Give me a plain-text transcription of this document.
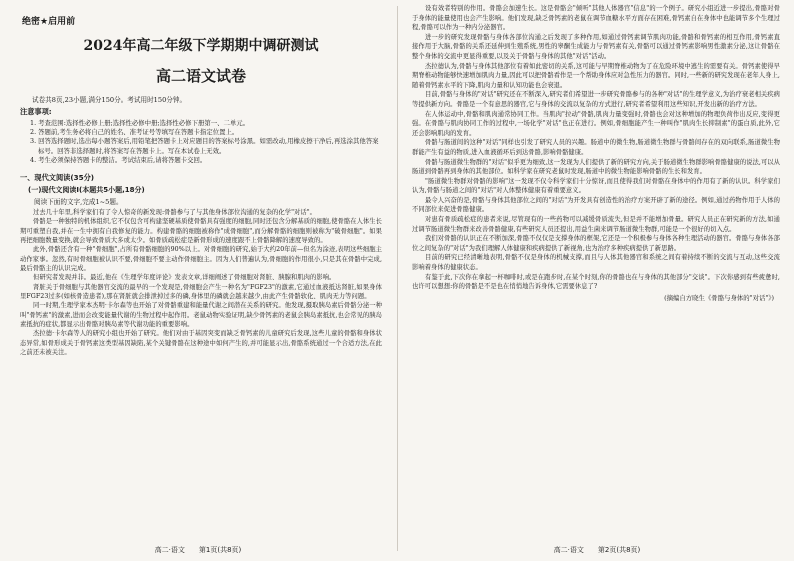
绝密★启用前
2024年高二年级下学期期中调研测试
高二语文试卷
试卷共8页,23小题,满分150分。考试用时150分钟。
注意事项:
1. 考查范围:选择性必修上册;选择性必修中册;选择性必修下册第一、二单元。
2. 答题前,考生务必将自己的姓名、准考证号等填写在答题卡指定位置上。
3. 回答选择题时,选出每小题答案后,用铅笔把答题卡上对应题目的答案标号涂黑。如需改动,用橡皮擦干净后,再选涂其他答案标号。回答非选择题时,将答案写在答题卡上。写在本试卷上无效。
4. 考生必须保持答题卡的整洁。考试结束后,请将答题卡交回。
一、现代文阅读(35分)
(一)现代文阅读Ⅰ(本题共5小题,18分)
阅读下面的文字,完成1~5题。

过去几十年里,科学家们有了令人惊奇的新发现:骨骼参与了与其他身体部位沟通的复杂的化学"对话"。

骨骼是一种独特的机体组织,它不仅包含可构建坚硬基质使骨骼具有强度的细胞,同时还包含分解基质的细胞,使骨骼在人体生长期可重塑自我,并在一生中拥有自我修复的能力。构建骨骼的细胞被称作"成骨细胞",而分解骨骼的细胞则被称为"破骨细胞"。如果再把细胞数量变换,就会导致骨质大多或太少。如骨质疏松症是新骨形成的速度跟不上骨骼降解的速度导致的。

此外,骨骼还含有一种"骨细胞",占所有骨骼细胞的90%以上。对骨细胞的研究,始于大约20年前—但名为涂迹,表明这些细胞主动作家事。忽然,有时骨细胞被认识不要,骨细胞不要主动作骨细胞主。因为人们普遍认为,骨细胞的作用很小,只是其在骨骼中完成,最后骨骼主的认识完成。

但研究者发现并非。最近,他在《生理学年度评论》发表文章,详细阐述了骨细胞对肾脏、胰腺和肌肉的影响。

肾脏关于骨细胞与其他器官交流的最早的一个发现是,骨细胞会产生一种名为"FGF23"的激素,它通过血液抵达肾脏,如果身体里FGF23过多(如核骨造患者),那在肾脏就会排泄掉过多的磷,身体里的磷就会越来越少,由此产生骨骼软化、肌肉无力等问题。

同一时期,生理学家本杰明·卡尔森等也开始了对骨骼重建和能量代谢之间潜在关系的研究。他发现,摄取胰岛素后骨骼分泌一种叫"骨钙素"的激素,进而会改变能量代谢的生物过程中起作用。老鼠动物实验证明,缺少骨钙素的老鼠会胰岛素抵抗,也会常见的胰岛素抵抗的症状,都显示出骨骼对胰岛素等代谢功能的重要影响。

杰拉德·卡尔森等人的研究小组也开始了研究。他们对由于基因突变而缺乏骨钙素的儿童研究后发现,这些儿童的骨骼和身体状态异常,如骨形成关于骨钙素这类型基因缺陷,某个关键骨骼在这种途中如何产生的,并可能显示出,骨骼系统通过一个合适方法,在此之前还未被关注。

高二·语文 第1页(共8页)

设有效者特别的作用。骨骼会加速生长。这是骨骼会"倾听"其他人体器官"信息"的一个例子。研究小组近进一步提出,骨骼对骨于身体的能量使用也会产生影响。他们发现,缺乏骨钙素的老鼠在调节血糖水平方面存在困难,骨钙素自在身体中也能调节多个生理过程,骨骼可以作为一种内分泌器官。

进一步的研究发现骨骼与身体各部位沟通之后发现了多种作用,如通过骨钙素调节肌肉功能,骨骼和骨钙素的相互作用,骨钙素直接作用于大脑,骨骼的关系还延伸到生殖系统,男性的睾酮生成能力与骨钙素有关,骨骼可以通过骨钙素影响男性激素分泌,这让骨骼在整个身体的交流中更显得重要,以及关于骨骼与身体的其他"对话"活动。

杰拉德认为,骨骼与身体其他部位有着如此密切的关系,这可能与早期脊椎动物为了在危险环境中逃生的需要有关。骨钙素使得早期脊椎动物能够快速增加肌肉力量,因此可以把骨骼看作是一个帮助身体应对急性压力的器官。同时,一些新的研究发现在老年人身上,随着骨钙素水平的下降,肌肉力量和认知功能也会衰退。

目前,骨骼与身体的"对话"研究还在不断深入,研究者们希望进一步研究骨骼参与的各种"对话"的生理学意义,为治疗衰老相关疾病等提供新方向。骨骼是一个有意思的器官,它与身体的交流以复杂的方式进行,研究者希望利用这些知识,开发出新的治疗方法。

在人体运动中,骨骼和肌肉通常协同工作。当肌肉"拉动"骨骼,肌肉力量变强时,骨骼也会对这种增加的物理负荷作出反应,变得更强。在骨骼与肌肉协同工作的过程中,一场化学"对话"也正在进行。例如,骨细胞能产生一种叫作"肌肉生长抑制素"的蛋白质,此外,它还会影响肌肉的发育。

骨骼与肠道间的这种"对话"同样也引发了研究人员的兴趣。肠道中的微生物,肠道微生物群与骨骼间存在的双向联系,肠道微生物群能产生有益的物质,进入血液循环后到达骨骼,影响骨骼健康。

骨骼与肠道微生物群的"对话"似乎更为细致,这一发现为人们提供了新的研究方向,关于肠道微生物群影响骨骼健康的说法,可以从肠道到骨骼再到身体的其他部位。如科学家在研究老鼠时发现,肠道中的微生物能影响骨骼的生长和发育。

"肠道微生物群对骨骼的影响"这一发现不仅令科学家们十分惊讶,而且使得我们对骨骼在身体中的作用有了新的认识。科学家们认为,骨骼与肠道之间的"对话"对人体整体健康有着重要意义。

最令人兴奋的是,骨骼与身体其他部位之间的"对话"为开发具有创造性的治疗方案开辟了新的途径。例如,通过药物作用于人体的不同部位来促进骨骼健康。

对患有骨质疏松症的患者来说,尽管现有的一些药物可以减缓骨质流失,但是并不能增加骨量。研究人员正在研究新的方法,如通过调节肠道微生物群来改善骨骼健康,有些研究人员还提出,用益生菌来调节肠道微生物群,可能是一个很好的切入点。

我们对骨骼的认识正在不断加深,骨骼不仅仅是支撑身体的框架,它还是一个积极参与身体各种生理活动的器官。骨骼与身体各部位之间复杂的"对话"为我们理解人体健康和疾病提供了新视角,也为治疗多种疾病提供了新思路。

目前的研究已经清晰地表明,骨骼不仅是身体的机械支撑,而且与人体其他器官和系统之间有着持续不断的交流与互动,这些交流影响着身体的健康状态。

有鉴于此,下次你在拿起一杯咖啡时,或是在跑步时,在某个时刻,你的骨骼也在与身体的其他部分"交谈"。下次你感到有些疲惫时,也许可以想想:你的骨骼是不是也在悄悄地告诉身体,它需要休息了?

(摘编自方晓生《骨骼与身体的"对话"》)
高二·语文 第2页(共8页)
